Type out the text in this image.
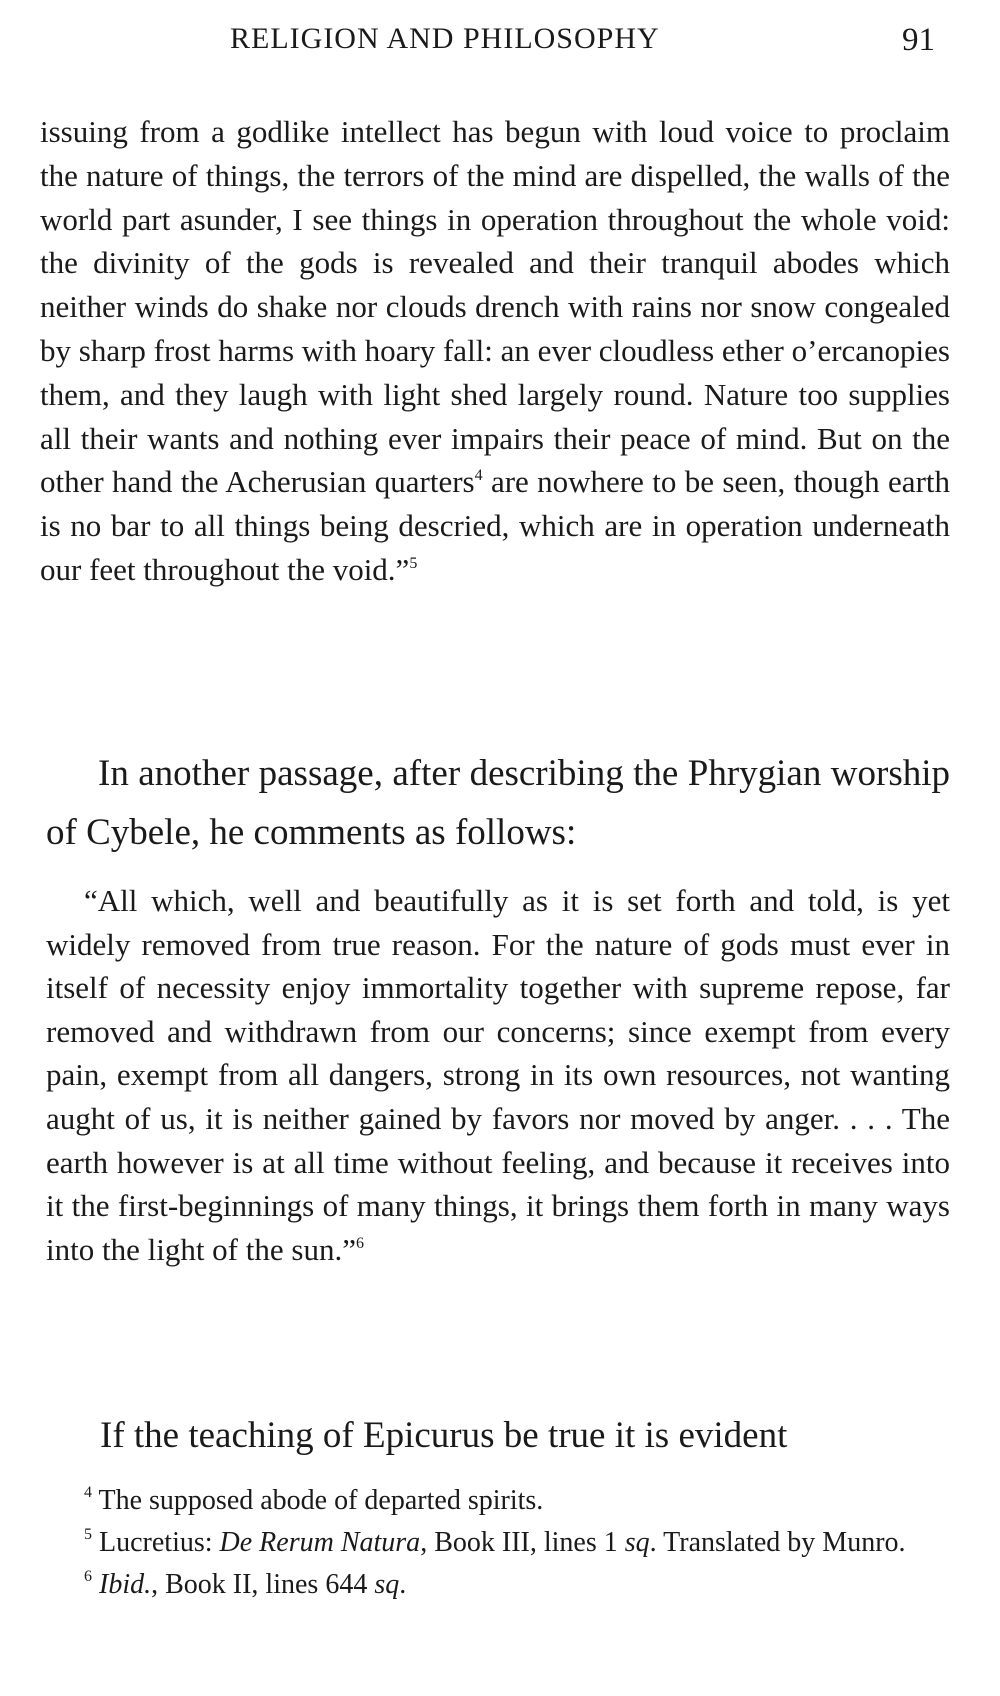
RELIGION AND PHILOSOPHY	91
issuing from a godlike intellect has begun with loud voice to proclaim the nature of things, the terrors of the mind are dispelled, the walls of the world part asunder, I see things in operation throughout the whole void: the divinity of the gods is revealed and their tranquil abodes which neither winds do shake nor clouds drench with rains nor snow congealed by sharp frost harms with hoary fall: an ever cloudless ether o’ercanopies them, and they laugh with light shed largely round. Nature too supplies all their wants and nothing ever impairs their peace of mind. But on the other hand the Acherusian quarters$^4$ are nowhere to be seen, though earth is no bar to all things being descried, which are in operation underneath our feet throughout the void.”$^5$
In another passage, after describing the Phrygian worship of Cybele, he comments as follows:
“All which, well and beautifully as it is set forth and told, is yet widely removed from true reason. For the nature of gods must ever in itself of necessity enjoy immortality together with supreme repose, far removed and withdrawn from our concerns; since exempt from every pain, exempt from all dangers, strong in its own resources, not wanting aught of us, it is neither gained by favors nor moved by anger. . . . The earth however is at all time without feeling, and because it receives into it the first-beginnings of many things, it brings them forth in many ways into the light of the sun.”$^6$
If the teaching of Epicurus be true it is evident
$^4$ The supposed abode of departed spirits.
$^5$ Lucretius: De Rerum Natura, Book III, lines 1 sq. Translated by Munro.
$^6$ Ibid., Book II, lines 644 sq.
